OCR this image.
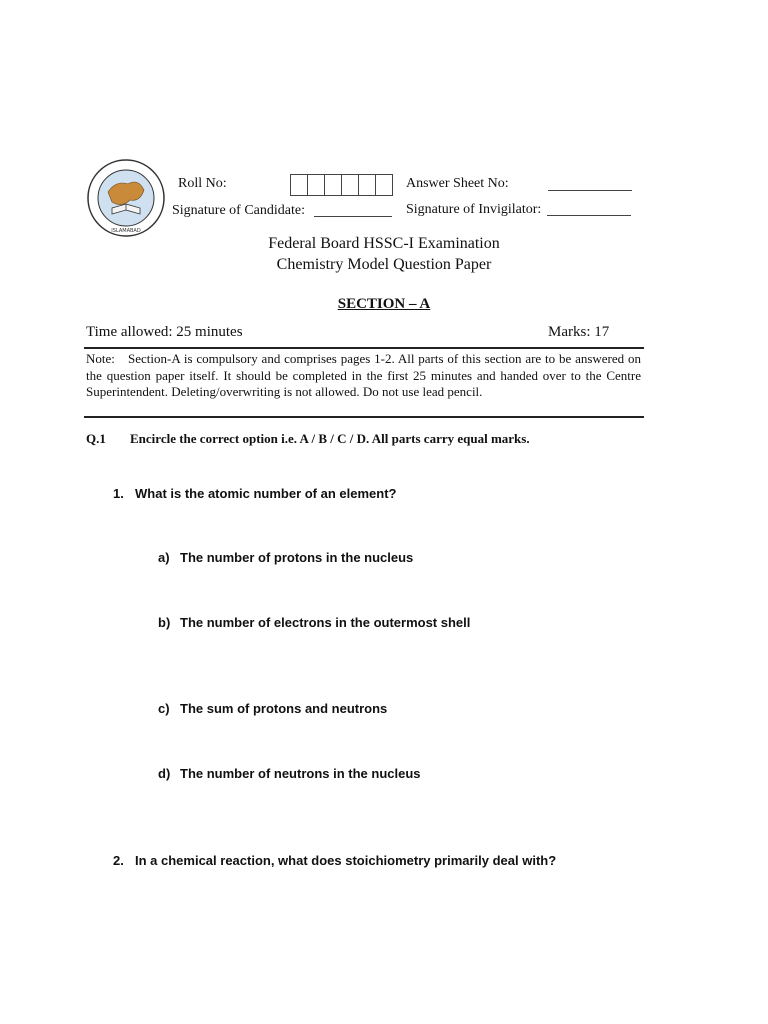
ISLAMABAD
Roll No:	Answer Sheet No:
Signature of Candidate:	Signature of Invigilator:
Federal Board HSSC-I Examination
Chemistry Model Question Paper
SECTION – A
Time allowed: 25 minutes	Marks: 17
Note:	Section-A is compulsory and comprises pages 1-2. All parts of this section are to be answered on the question paper itself. It should be completed in the first 25 minutes and handed over to the Centre Superintendent. Deleting/overwriting is not allowed. Do not use lead pencil.
Q.1 Encircle the correct option i.e. A / B / C / D. All parts carry equal marks.
1. What is the atomic number of an element?
a) The number of protons in the nucleus
b) The number of electrons in the outermost shell
c) The sum of protons and neutrons
d) The number of neutrons in the nucleus
2. In a chemical reaction, what does stoichiometry primarily deal with?
